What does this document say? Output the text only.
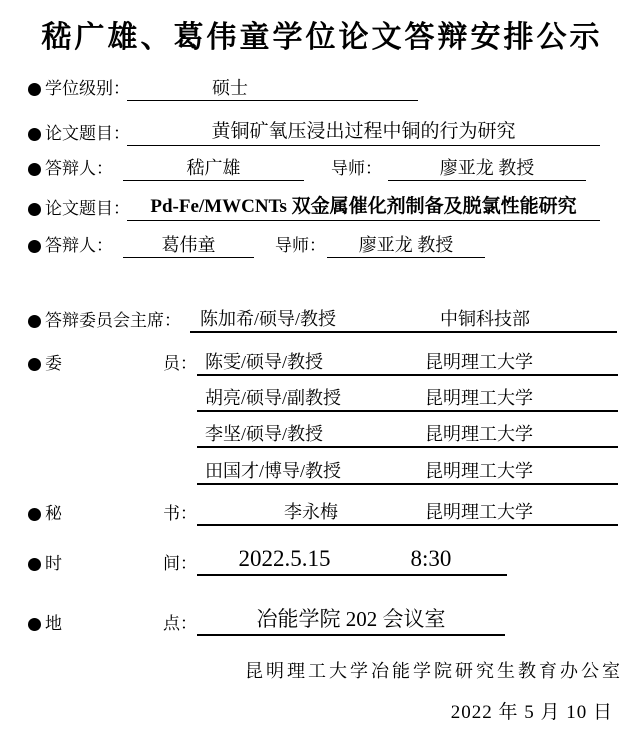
嵇广雄、葛伟童学位论文答辩安排公示
学位级别：	硕士
论文题目：	黄铜矿氧压浸出过程中铜的行为研究
答辩人：	嵇广雄	导师：	廖亚龙 教授
论文题目：	Pd-Fe/MWCNTs 双金属催化剂制备及脱氯性能研究
答辩人：	葛伟童	导师：	廖亚龙 教授
答辩委员会主席：	陈加希/硕导/教授	中铜科技部
委	员： 陈雯/硕导/教授	昆明理工大学
胡亮/硕导/副教授	昆明理工大学
李坚/硕导/教授	昆明理工大学
田国才/博导/教授	昆明理工大学
秘	书：	李永梅	昆明理工大学
时	间：	2022.5.15	8:30
地	点：	冶能学院 202 会议室
昆明理工大学冶能学院研究生教育办公室
2022 年 5 月 10 日
